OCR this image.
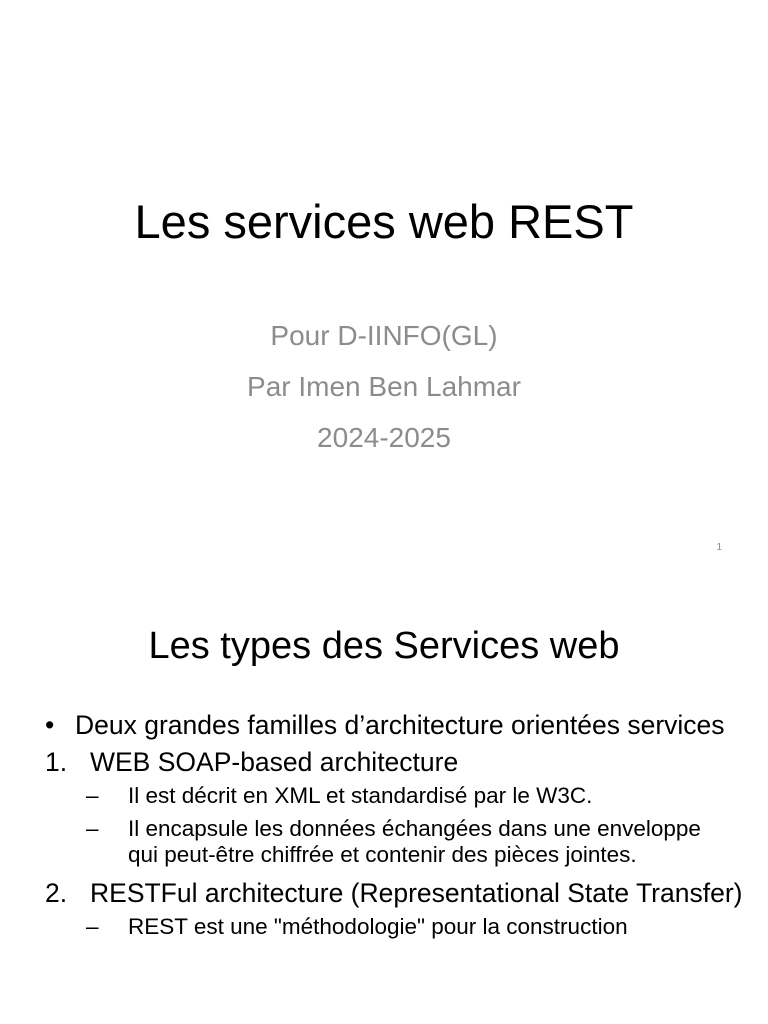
Les services web REST
Pour D-IINFO(GL)
Par Imen Ben Lahmar
2024-2025
1
Les types des Services web
• Deux grandes familles d’architecture orientées services
1. WEB SOAP-based architecture
– Il est décrit en XML et standardisé par le W3C.
– Il encapsule les données échangées dans une enveloppe qui peut-être chiffrée et contenir des pièces jointes.
2. RESTFul architecture (Representational State Transfer)
– REST est une "méthodologie" pour la construction
